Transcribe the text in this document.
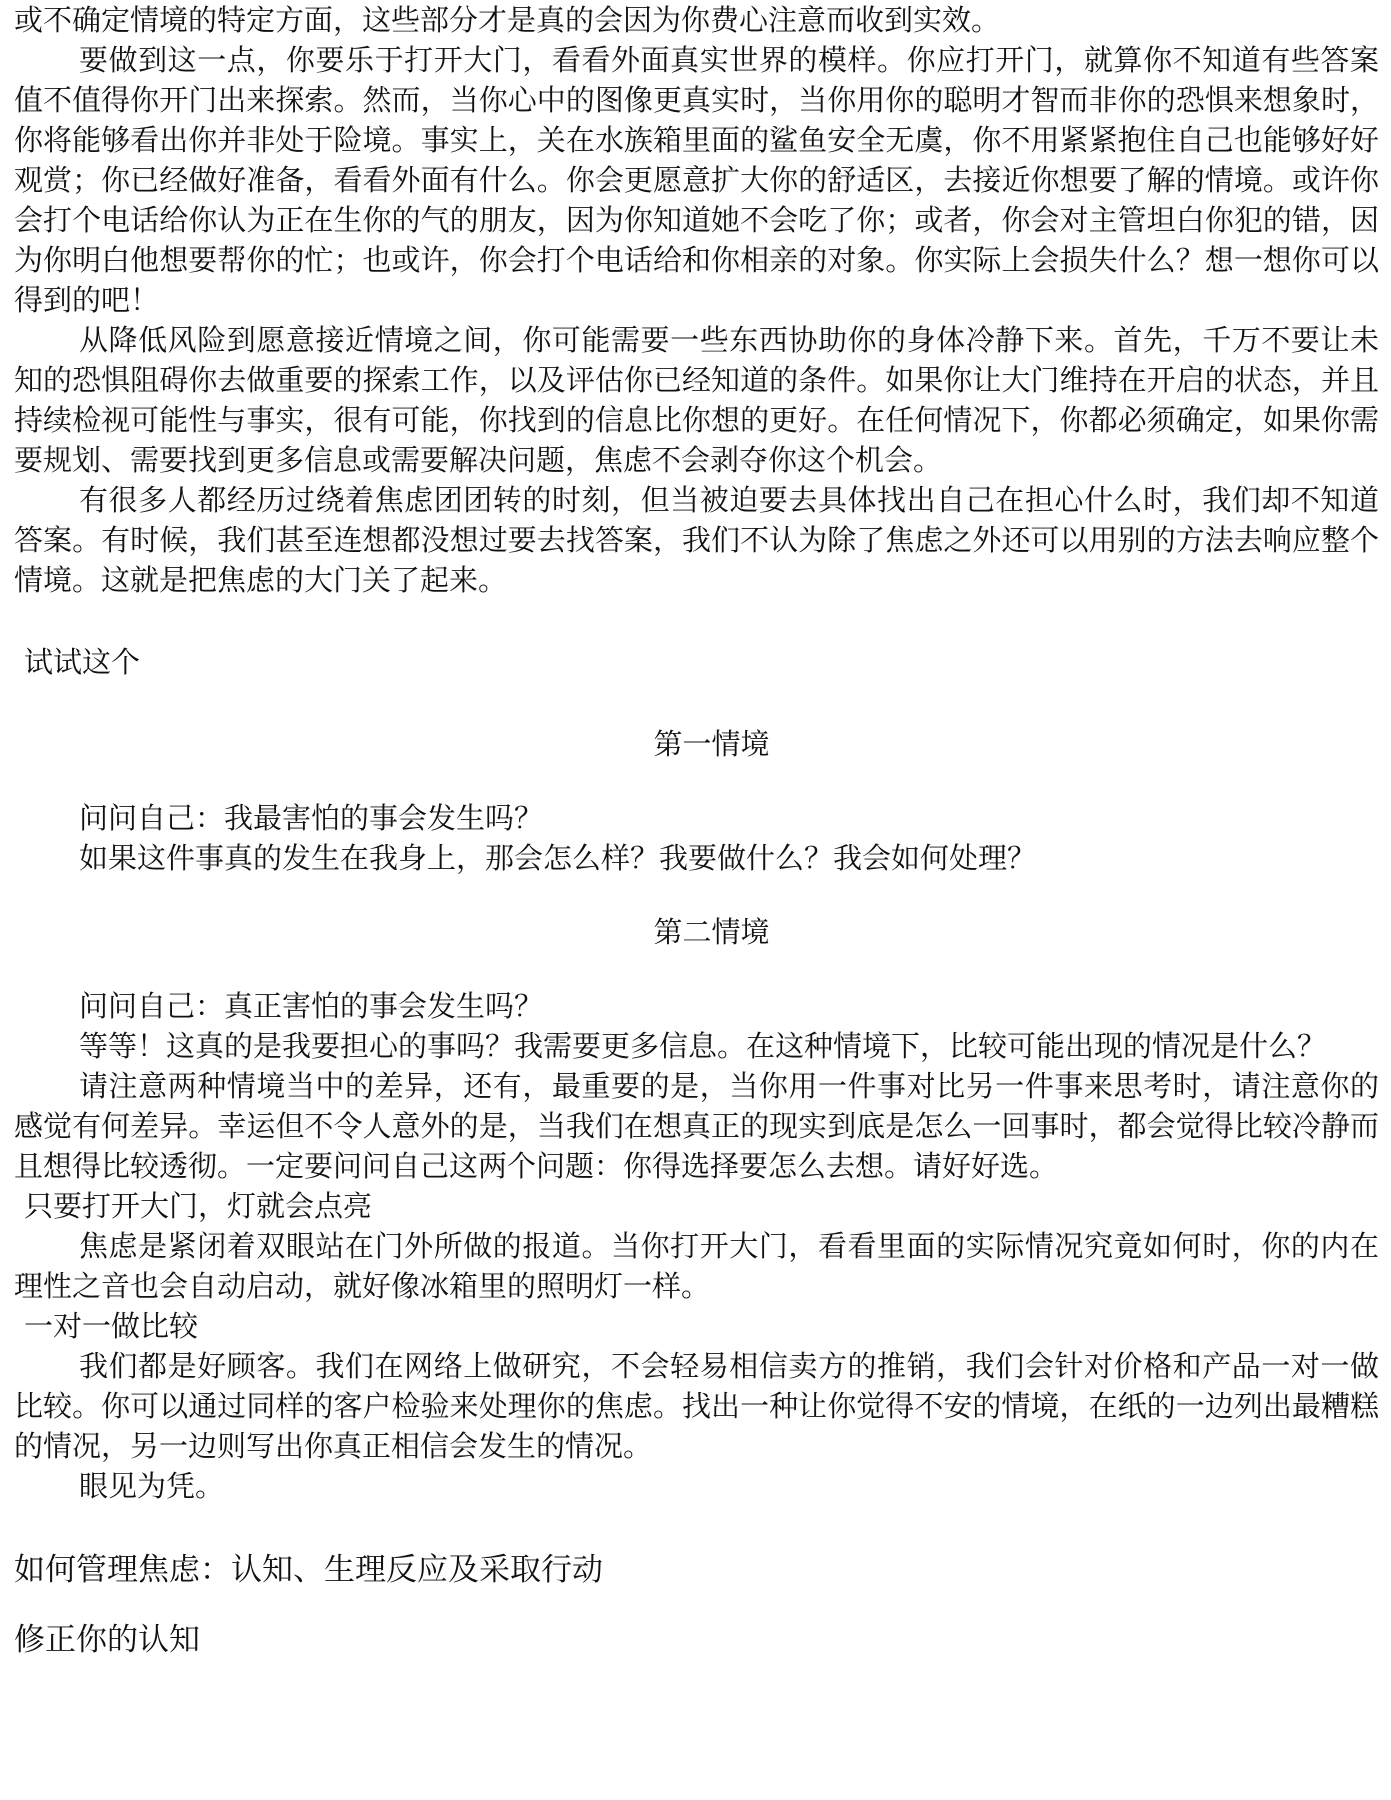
或不确定情境的特定方面，这些部分才是真的会因为你费心注意而收到实效。

要做到这一点，你要乐于打开大门，看看外面真实世界的模样。你应打开门，就算你不知道有些答案值不值得你开门出来探索。然而，当你心中的图像更真实时，当你用你的聪明才智而非你的恐惧来想象时，你将能够看出你并非处于险境。事实上，关在水族箱里面的鲨鱼安全无虞，你不用紧紧抱住自己也能够好好观赏；你已经做好准备，看看外面有什么。你会更愿意扩大你的舒适区，去接近你想要了解的情境。或许你会打个电话给你认为正在生你的气的朋友，因为你知道她不会吃了你；或者，你会对主管坦白你犯的错，因为你明白他想要帮你的忙；也或许，你会打个电话给和你相亲的对象。你实际上会损失什么？想一想你可以得到的吧！

从降低风险到愿意接近情境之间，你可能需要一些东西协助你的身体冷静下来。首先，千万不要让未知的恐惧阻碍你去做重要的探索工作，以及评估你已经知道的条件。如果你让大门维持在开启的状态，并且持续检视可能性与事实，很有可能，你找到的信息比你想的更好。在任何情况下，你都必须确定，如果你需要规划、需要找到更多信息或需要解决问题，焦虑不会剥夺你这个机会。

有很多人都经历过绕着焦虑团团转的时刻，但当被迫要去具体找出自己在担心什么时，我们却不知道答案。有时候，我们甚至连想都没想过要去找答案，我们不认为除了焦虑之外还可以用别的方法去响应整个情境。这就是把焦虑的大门关了起来。

试试这个

第一情境

问问自己：我最害怕的事会发生吗？

如果这件事真的发生在我身上，那会怎么样？我要做什么？我会如何处理？

第二情境

问问自己：真正害怕的事会发生吗？

等等！这真的是我要担心的事吗？我需要更多信息。在这种情境下，比较可能出现的情况是什么？

请注意两种情境当中的差异，还有，最重要的是，当你用一件事对比另一件事来思考时，请注意你的感觉有何差异。幸运但不令人意外的是，当我们在想真正的现实到底是怎么一回事时，都会觉得比较冷静而且想得比较透彻。一定要问问自己这两个问题：你得选择要怎么去想。请好好选。

只要打开大门，灯就会点亮

焦虑是紧闭着双眼站在门外所做的报道。当你打开大门，看看里面的实际情况究竟如何时，你的内在理性之音也会自动启动，就好像冰箱里的照明灯一样。

一对一做比较

我们都是好顾客。我们在网络上做研究，不会轻易相信卖方的推销，我们会针对价格和产品一对一做比较。你可以通过同样的客户检验来处理你的焦虑。找出一种让你觉得不安的情境，在纸的一边列出最糟糕的情况，另一边则写出你真正相信会发生的情况。

眼见为凭。

如何管理焦虑：认知、生理反应及采取行动

修正你的认知
